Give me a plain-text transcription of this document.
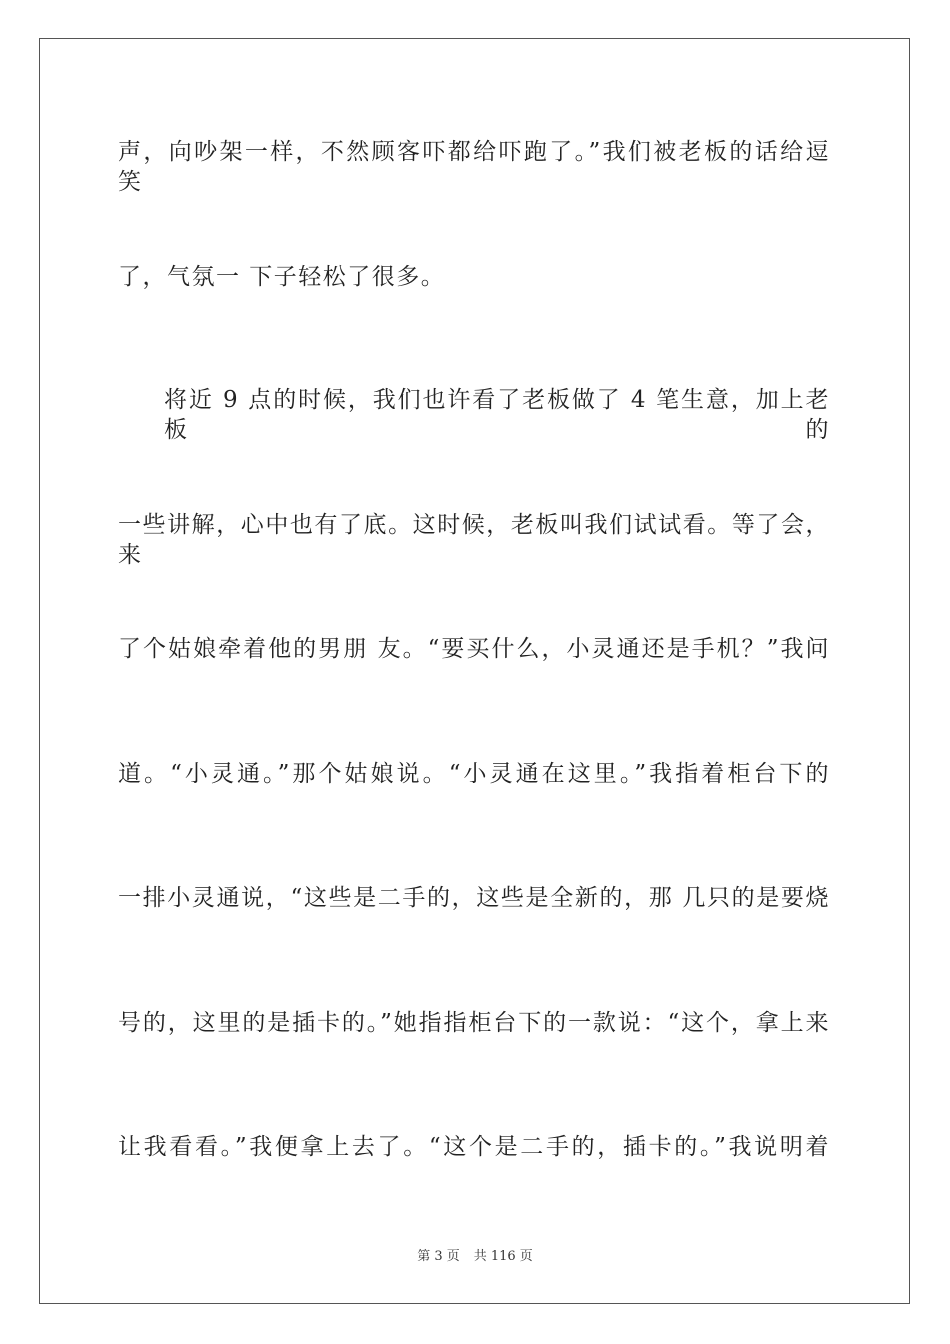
声，向吵架一样，不然顾客吓都给吓跑了。”我们被老板的话给逗笑
了，气氛一 下子轻松了很多。
将近 9 点的时候，我们也许看了老板做了 4 笔生意，加上老板的
一些讲解，心中也有了底。这时候，老板叫我们试试看。等了会，来
了个姑娘牵着他的男朋 友。“要买什么，小灵通还是手机？”我问
道。“小灵通。”那个姑娘说。“小灵通在这里。”我指着柜台下的
一排小灵通说，“这些是二手的，这些是全新的，那 几只的是要烧
号的，这里的是插卡的。”她指指柜台下的一款说：“这个，拿上来
让我看看。”我便拿上去了。“这个是二手的，插卡的。”我说明着
第 3 页 共 116 页
